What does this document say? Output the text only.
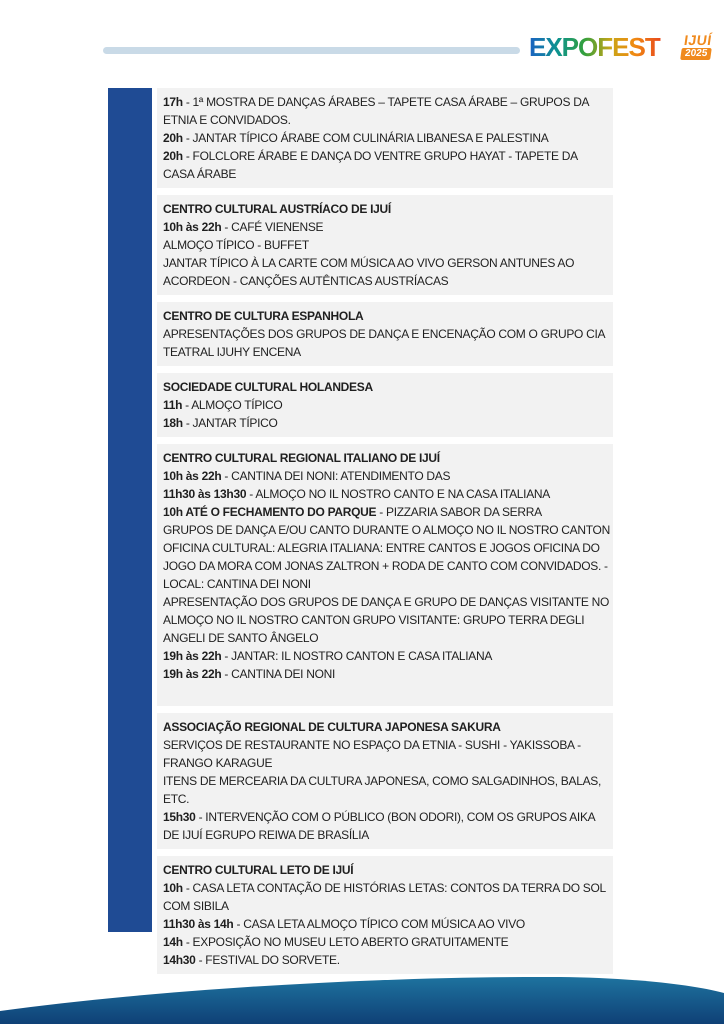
EXPOFEST IJUÍ
2025

17h - 1ª MOSTRA DE DANÇAS ÁRABES – TAPETE CASA ÁRABE – GRUPOS DA ETNIA E CONVIDADOS.

20h - JANTAR TÍPICO ÁRABE COM CULINÁRIA LIBANESA E PALESTINA

20h - FOLCLORE ÁRABE E DANÇA DO VENTRE GRUPO HAYAT - TAPETE DA CASA ÁRABE

CENTRO CULTURAL AUSTRÍACO DE IJUÍ

10h às 22h - CAFÉ VIENENSE

ALMOÇO TÍPICO - BUFFET

JANTAR TÍPICO À LA CARTE COM MÚSICA AO VIVO GERSON ANTUNES AO ACORDEON - CANÇÕES AUTÊNTICAS AUSTRÍACAS

CENTRO DE CULTURA ESPANHOLA

APRESENTAÇÕES DOS GRUPOS DE DANÇA E ENCENAÇÃO COM O GRUPO CIA TEATRAL IJUHY ENCENA

SOCIEDADE CULTURAL HOLANDESA

11h - ALMOÇO TÍPICO

18h - JANTAR TÍPICO

CENTRO CULTURAL REGIONAL ITALIANO DE IJUÍ

10h às 22h - CANTINA DEI NONI: ATENDIMENTO DAS

11h30 às 13h30 - ALMOÇO NO IL NOSTRO CANTO E NA CASA ITALIANA

10h ATÉ O FECHAMENTO DO PARQUE - PIZZARIA SABOR DA SERRA

GRUPOS DE DANÇA E/OU CANTO DURANTE O ALMOÇO NO IL NOSTRO CANTON

OFICINA CULTURAL: ALEGRIA ITALIANA: ENTRE CANTOS E JOGOS OFICINA DO JOGO DA MORA COM JONAS ZALTRON + RODA DE CANTO COM CONVIDADOS. - LOCAL: CANTINA DEI NONI

APRESENTAÇÃO DOS GRUPOS DE DANÇA E GRUPO DE DANÇAS VISITANTE NO ALMOÇO NO IL NOSTRO CANTON GRUPO VISITANTE: GRUPO TERRA DEGLI ANGELI DE SANTO ÂNGELO

19h às 22h - JANTAR: IL NOSTRO CANTON E CASA ITALIANA

19h às 22h - CANTINA DEI NONI

ASSOCIAÇÃO REGIONAL DE CULTURA JAPONESA SAKURA

SERVIÇOS DE RESTAURANTE NO ESPAÇO DA ETNIA - SUSHI - YAKISSOBA - FRANGO KARAGUE

ITENS DE MERCEARIA DA CULTURA JAPONESA, COMO SALGADINHOS, BALAS, ETC.

15h30 - INTERVENÇÃO COM O PÚBLICO (BON ODORI), COM OS GRUPOS AIKA DE IJUÍ EGRUPO REIWA DE BRASÍLIA

CENTRO CULTURAL LETO DE IJUÍ

10h - CASA LETA CONTAÇÃO DE HISTÓRIAS LETAS: CONTOS DA TERRA DO SOL COM SIBILA

11h30 às 14h - CASA LETA ALMOÇO TÍPICO COM MÚSICA AO VIVO

14h - EXPOSIÇÃO NO MUSEU LETO ABERTO GRATUITAMENTE

14h30 - FESTIVAL DO SORVETE.
